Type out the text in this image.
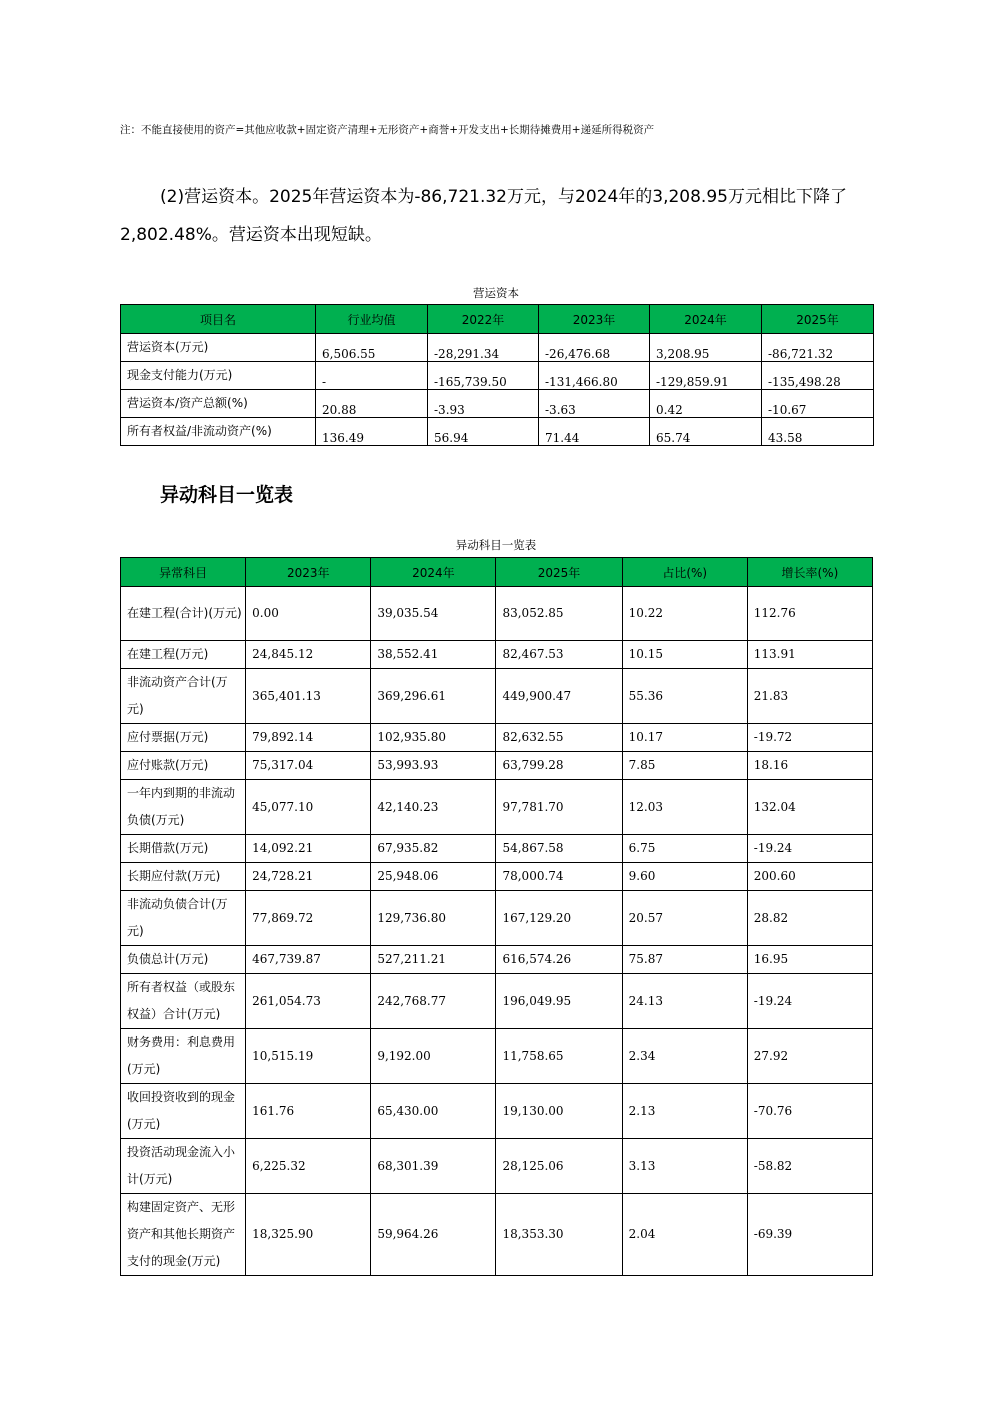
注：不能直接使用的资产=其他应收款+固定资产清理+无形资产+商誉+开发支出+长期待摊费用+递延所得税资产
(2)营运资本。2025年营运资本为-86,721.32万元，与2024年的3,208.95万元相比下降了2,802.48%。营运资本出现短缺。
营运资本
项目名	行业均值	2022年	2023年	2024年	2025年
营运资本(万元)	6,506.55	-28,291.34	-26,476.68	3,208.95	-86,721.32
现金支付能力(万元)	-	-165,739.50	-131,466.80	-129,859.91	-135,498.28
营运资本/资产总额(%)	20.88	-3.93	-3.63	0.42	-10.67
所有者权益/非流动资产(%)	136.49	56.94	71.44	65.74	43.58
异动科目一览表
异动科目一览表
异常科目	2023年	2024年	2025年	占比(%)	增长率(%)
在建工程(合计)(万元)	0.00	39,035.54	83,052.85	10.22	112.76
在建工程(万元)	24,845.12	38,552.41	82,467.53	10.15	113.91
非流动资产合计(万元)	365,401.13	369,296.61	449,900.47	55.36	21.83
应付票据(万元)	79,892.14	102,935.80	82,632.55	10.17	-19.72
应付账款(万元)	75,317.04	53,993.93	63,799.28	7.85	18.16
一年内到期的非流动负债(万元)	45,077.10	42,140.23	97,781.70	12.03	132.04
长期借款(万元)	14,092.21	67,935.82	54,867.58	6.75	-19.24
长期应付款(万元)	24,728.21	25,948.06	78,000.74	9.60	200.60
非流动负债合计(万元)	77,869.72	129,736.80	167,129.20	20.57	28.82
负债总计(万元)	467,739.87	527,211.21	616,574.26	75.87	16.95
所有者权益（或股东权益）合计(万元)	261,054.73	242,768.77	196,049.95	24.13	-19.24
财务费用：利息费用(万元)	10,515.19	9,192.00	11,758.65	2.34	27.92
收回投资收到的现金(万元)	161.76	65,430.00	19,130.00	2.13	-70.76
投资活动现金流入小计(万元)	6,225.32	68,301.39	28,125.06	3.13	-58.82
构建固定资产、无形资产和其他长期资产支付的现金(万元)	18,325.90	59,964.26	18,353.30	2.04	-69.39
